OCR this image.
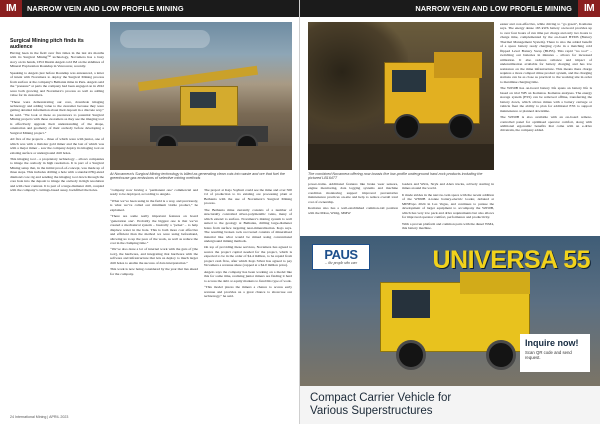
IM	NARROW VEIN AND LOW PROFILE MINING
Surgical Mining pitch finds its audience

Having been in the field over five times in the last six months with its Surgical Mining™ technology, Novamera has a busy story on its hands, CEO Dustin Angelo told IM on the sidelines of Mineral Exploration Roundup in Vancouver, recently.

Speaking to Angelo just before Roundup was announced, a letter of intent with Novamera to deploy the Surgical Mining process from surface at the company's Bethania mine in Peru. Angelo said the “pressure” at parts the company had been engaged on in 2022 were both growing and Novamera’s process as well as adding value for its customers.

“These were demonstrating our core, downhole imaging technology and adding value to the customer because they were getting detailed information about their deposit in a discrete way,” he said. “We look at these as precursors to potential Surgical Mining projects with these customers as they see the imaging tool is effectively upgrade their understanding of the shape, orientation and geometry of their orebody before developing a Surgical Mining project.”

All five of the projects – three of which were with junior, one of which was with a mid-tier gold miner and the last of which was with a major miner – saw the company deploy its imaging tool on existing surface or underground drill holes.

This imaging tool – a proprietary technology – allows companies to image the orebody in high resolution. It is part of a Surgical Mining setup that, in the initial proof-of-concept, was made up of three steps. This includes drilling a hole with a standard HQ-sized diamond core rig and sending the imaging tool down through the core hole into the deposit to image the orebody in high resolution and with clear contrast. It is part of a large-diameter drill, coupled with the company’s cuttings-based assay, backfilled the holes.

At Novamera’s Surgical Mining technology is billed as generating clean cuts into waste and ore that fuel the greenhouse gas emissions of selective mining methods

“company now having a ‘permanent one’ commercial and ready to be deployed, according to Angelo.

“What we’ve been using in the field is a way, and previously, is what we’ve called our minimum viable product,” he explained.

“There are some really important features on board ‘generation one’. Probably the biggest one is that we’ve created a mechanical system – basically a ‘jacket’ – to help displace water in the hole. This is both more cost effective and efficient than the method we were using beforehand, allowing us to up the pace of the work, as well as reduce the cost in the clamping time.”

“We’ve also done a lot of internal work with the guts of [the tool], the hardware, and integrating that hardware with the software and infrastructure that lets us deploy to much larger drill holes to enable the success of data interpretation.”

This work is now being considered by the year that lies ahead for the company.

The project at Kajo Sayhuri could see the mine and over 500 t/d of production to its existing ore processing plant at Bethania with the use of Novamera’s Surgical Mining process.

The Bethania mine currently consists of a number of structurally controlled silver-polymetallic veins, many of which extend to surface. Novamera’s mining system is well suited to the geology at Bethania, drilling large-diameter holes from surface targeting near-mineralisation. Kajo says. The resulting broken rock recovered consists of mineralised material like what would be mined using conventional underground mining methods.

On top of providing these services, Novamera has agreed to source the project capital needed for the project, which is expected to be in the order of $4.4 million, to be repaid from project cash flow, after which Kajo Silver has agreed to pay Novamera a revenue share (capped at a $4.0 million price).

Angelo says the company has been working on a model like this for some time, realising junior miners are finding it hard to access the debt or equity markets to fund this type of work.

“This model places the miners a chance to access early revenue and provides us a great chance to showcase our technology,” he said.

24 International Mining | APRIL 2023
NARROW VEIN AND LOW PROFILE MINING	IM
The combined Novamera offering now boasts five low-profile underground hard-rock products including the pictured LB1647T

power-trains. Additional features like brake wear sensors, engine monitoring, data logging systems and machine condition monitoring support improved preventative maintenance practices on-site and help to reduce overall total cost of ownership.

Komatsu also has a well-established common-rail position with the Mitsu, Wittig, MMW

loaders and Wirtz, Stryk and Abex trucks, actively starting in mines around the world.

It made strides in the narrow-vein space with the recent addition of the W650B 4-tonne battery-electric loader, debuted at MINExpo 2024 in Las Vegas, and continues to pursue the development of larger equipment to accompany the W650B, which has very low pack and drive requirements but also allows for improved operator comfort, performance and productivity.

With a proven platform and common parts with the diesel WM4, this battery machine.

easier and cost-effective, while driving to “go green”, Komatsu says. The energy dense 165 kWh battery on-board provides up to over four hours of run time per charge and only two hours to charge time, complemented by the on-board BTMS (Battery Thermal Management System). There is also the added benefit of a space battery ready charging cycle in a matching cold flipped Level Battery Swap (BLBS). This rapid “no tool” – switching out batteries in minutes – allows for increased utilisation. It also reduces reliance and impact of underutilisation available for battery charging and has low resistance on the mine infrastructure. This means there charge requires a more compact mine product system, and the charging stations can be as close as practical to the working site in order to maximise charging time.

The W650B has on-board battery life spans an battery life is based on trial WB on Komatsu. Komatsu analyses. The energy storage system (ESS) can be removed offline, transferring the battery down, which allows minus with a battery carriage or vehicle fleet the ability to plan for additional ESS to support maintenance or planned downtime.

The W650B is also available with an on-board remote-controlled panel for optimised operator comfort, along with additional ergonomic benefits that come with an e-drive drivetrain, the company added.

PAUS
... the people who care	UNIVERSA 55
Inquire now!
Scan QR code and send request.
Compact Carrier Vehicle for
Various Superstructures
